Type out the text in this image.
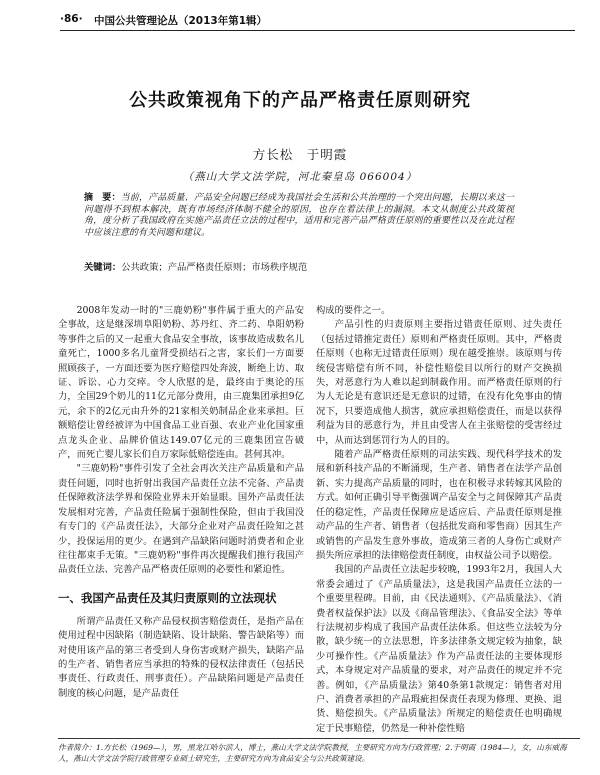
·86· 中国公共管理论丛（2013年第1辑）
公共政策视角下的产品严格责任原则研究
方长松　于明霞
（燕山大学文法学院，河北秦皇岛 066004）
摘　要：当前，产品质量、产品安全问题已经成为我国社会生活和公共治理的一个突出问题，长期以来这一问题得不到根本解决，既有市场经济体制不健全的原因，也存在着法律上的漏洞。本文从制度公共政策视角，度分析了我国政府在实施产品责任立法的过程中，适用和完善产品严格责任原则的重要性以及在此过程中应该注意的有关问题和建议。
关键词：公共政策；产品严格责任原则；市场秩序规范

2008年发动一时的"三鹿奶粉"事件属于重大的产品安全事故，这是继深圳阜阳奶粉、苏丹红、齐二药、阜阳奶粉等事件之后的又一起重大食品安全事故，该事故造成数名儿童死亡，1000多名儿童肾受损结石之害，家长们一方面要照顾孩子，一方面还要为医疗赔偿四处奔波，断绝上访、取证、诉讼、心力交瘁。令人欣慰的是，最终由于奥论的压力，全国29个奶儿的11亿元部分费用，由三鹿集团承担9亿元，余下的2亿元由升外的21家相关奶制品企业来承担。巨额赔偿让曾经被评为中国食品工业百强、农业产业化国家重点龙头企业、品牌价值达149.07亿元的三鹿集团宣告破产，而死亡婴儿家长们自万家际低赔偿连由。甚何其冲。

"三鹿奶粉"事件引发了全社会再次关注产品质量和产品责任问题，同时也折射出我国产品责任立法不完备、产品责任保障救济法学界和保险业界未开始显眼。国外产品责任法发展相对完善，产品责任险属于强制性保险，但由于我国没有专门的《产品责任法》，大部分企业对产品责任险知之甚少，投保运用的更少。在遇到产品缺陷问题时消费者和企业往往都束手无策。"三鹿奶粉"事件再次提醒我们推行我国产品责任立法、完善产品严格责任原则的必要性和紧迫性。

一、我国产品责任及其归责原则的立法现状

所谓产品责任又称产品侵权损害赔偿责任，是指产品在使用过程中因缺陷（制造缺陷、设计缺陷、警告缺陷等）而对使用该产品的第三者受到人身伤害或财产损失，缺陷产品的生产者、销售者应当承担的特殊的侵权法律责任（包括民事责任、行政责任、刑事责任）。产品缺陷问题是产品责任制度的核心问题，是产品责任

构成的要件之一。

产品引性的归责原则主要指过错责任原则、过失责任（包括过错推定责任）原则和严格责任原则。其中，严格责任原则（也称无过错责任原则）现在越受推崇。该原则与传统侵害赔偿有所不同，补偿性赔偿目以所行的财产交换损失，对恶意行为人难以起到制裁作用。而严格责任原则的行为人无论是有意识还是无意识的过错，在没有化免事由的情况下，只要造成他人损害，就应承担赔偿责任，而是以获得利益为目的恶意行为，并且由受害人在主张赔偿的受害经过中，从而达到惩罚行为人的目的。

随着产品严格责任原则的司法实践、现代科学技术的发展和新科技产品的不断涌现，生产者、销售者在法学产品创新、实力提高产品质量的同时，也在积极寻求转嫁其风险的方式。如何正确引导平衡强调产品安全与之间保障其产品责任的稳定性，产品责任保障应是适应后、产品责任原则是推动产品的生产者、销售者（包括批发商和零售商）因其生产或销售的产品发生意外事故，造成第三者的人身伤亡或财产损失所应承担的法律赔偿责任制度，由权益公司予以赔偿。

我国的产品责任立法起步较晚，1993年2月，我国人大常委会通过了《产品质量法》，这是我国产品责任立法的一个重要里程碑。目前，由《民法通则》、《产品质量法》、《消费者权益保护法》以及《商品管理法》、《食品安全法》等单行法规初步构成了我国产品责任法体系。但这些立法较为分散，缺少统一的立法思想，许多法律条文规定较为抽象，缺少可操作性。《产品质量法》作为产品责任法的主要体现形式，本身规定对产品质量的要求，对产品责任的规定并不完善。例如，《产品质量法》第40条第1款规定：销售者对用户、消费者承担的产品瑕疵担保责任表现为修理、更换、退货、赔偿损失。《产品质量法》所规定的赔偿责任也明确规定于民事赔偿，仍然是一种补偿性赔

作者简介：1.方长松（1969—），男，黑龙江哈尔滨人，博士，燕山大学文法学院教授，主要研究方向为行政管理；2.于明霞（1984—），女，山东威海人，燕山大学文法学院行政管理专业硕士研究生，主要研究方向为食品安全与公共政策建设。
